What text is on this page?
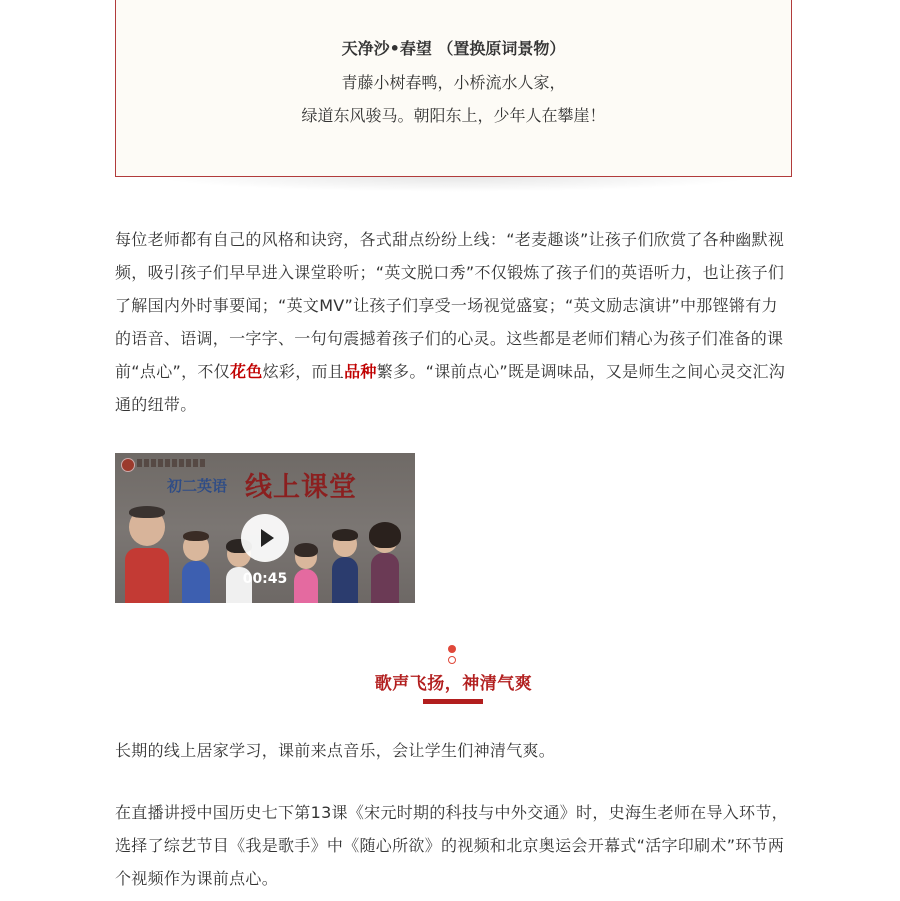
天净沙•春望 （置换原词景物）
青藤小树春鸭，小桥流水人家，
绿道东风骏马。朝阳东上，少年人在攀崖！

每位老师都有自己的风格和诀窍，各式甜点纷纷上线：“老麦趣谈”让孩子们欣赏了各种幽默视频，吸引孩子们早早进入课堂聆听；“英文脱口秀”不仅锻炼了孩子们的英语听力，也让孩子们了解国内外时事要闻；“英文MV”让孩子们享受一场视觉盛宴；“英文励志演讲”中那铿锵有力的语音、语调，一字字、一句句震撼着孩子们的心灵。这些都是老师们精心为孩子们准备的课前“点心”，不仅花色炫彩，而且品种繁多。“课前点心”既是调味品，又是师生之间心灵交汇沟通的纽带。

初二英语 线上课堂
00:45
歌声飞扬，神清气爽

长期的线上居家学习，课前来点音乐，会让学生们神清气爽。

在直播讲授中国历史七下第13课《宋元时期的科技与中外交通》时，史海生老师在导入环节，选择了综艺节目《我是歌手》中《随心所欲》的视频和北京奥运会开幕式“活字印刷术”环节两个视频作为课前点心。
